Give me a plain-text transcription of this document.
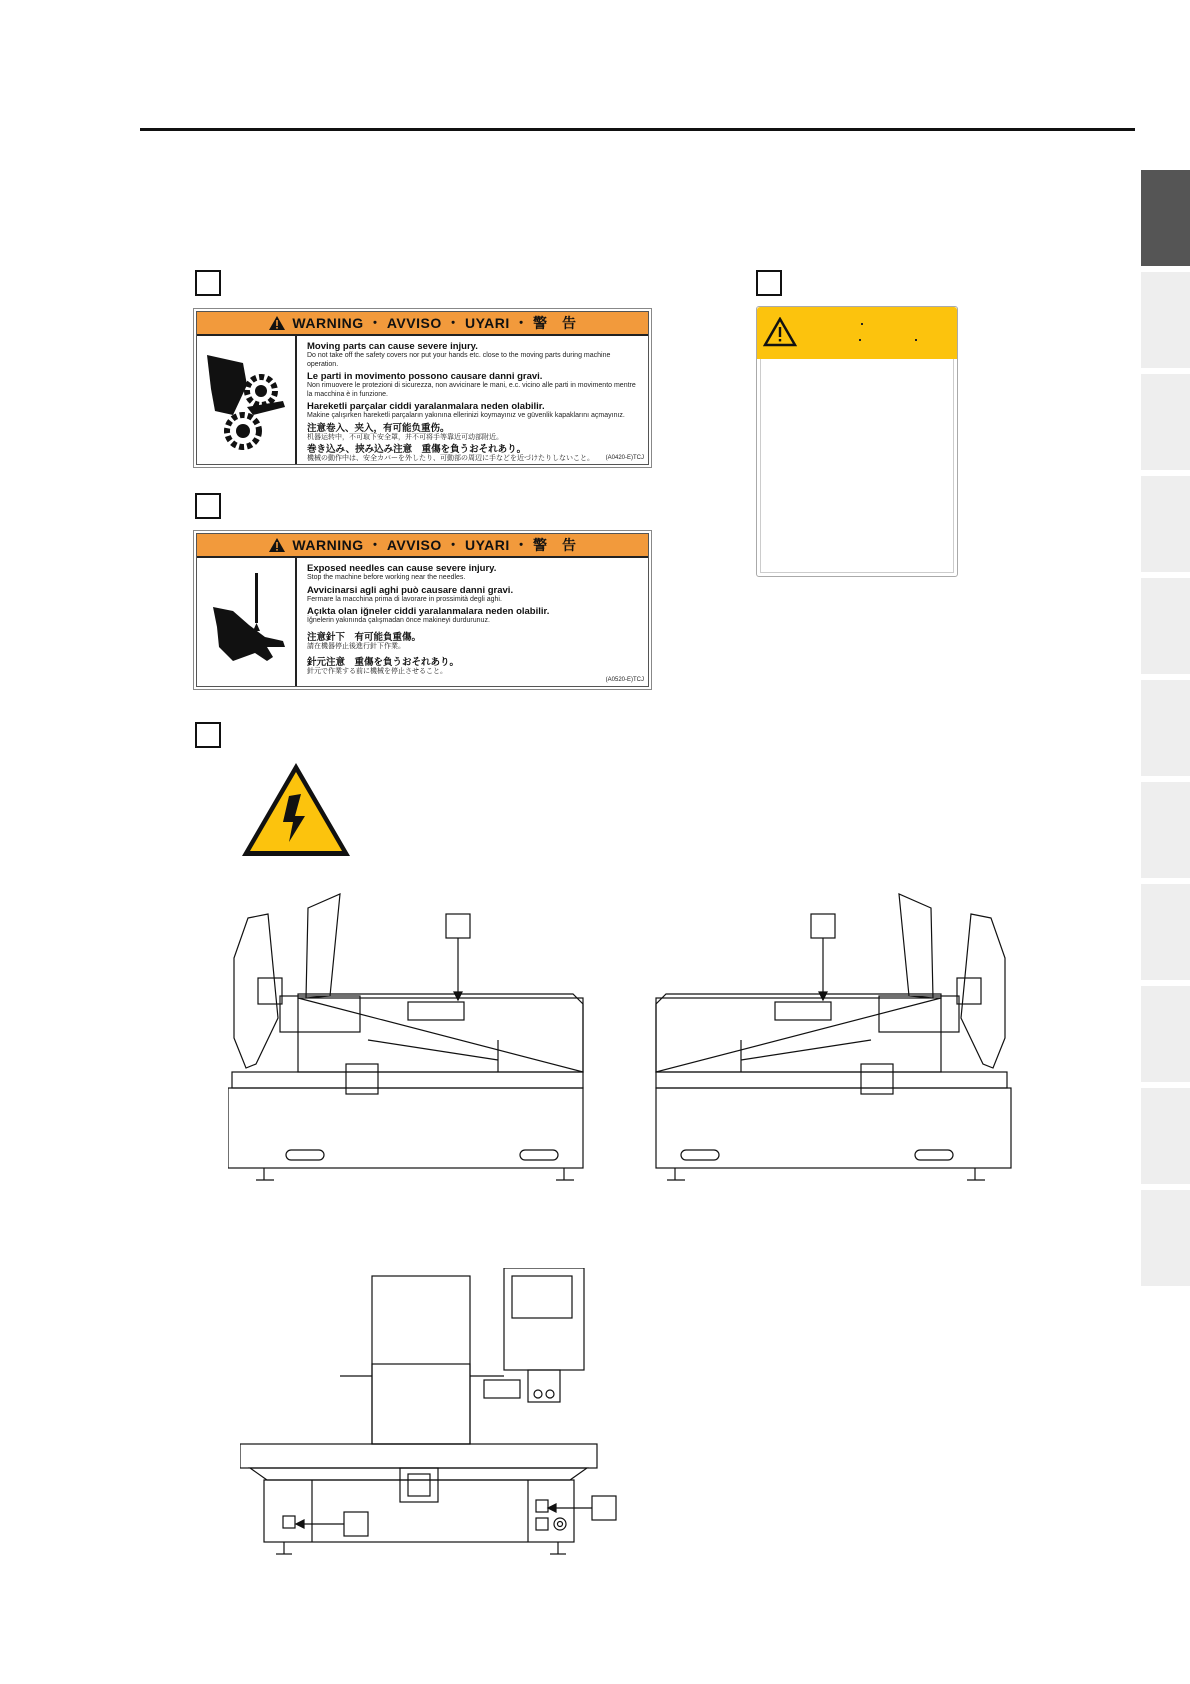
WARNING ・ AVVISO ・ UYARI ・ 警　告
Moving parts can cause severe injury.
Do not take off the safety covers nor put your hands etc. close to the moving parts during machine operation.
Le parti in movimento possono causare danni gravi.
Non rimuovere le protezioni di sicurezza, non avvicinare le mani, e.c. vicino alle parti in movimento mentre la macchina è in funzione.
Hareketli parçalar ciddi yaralanmalara neden olabilir.
Makine çalışırken hareketli parçaların yakınına ellerinizi koymayınız ve güvenlik kapaklarını açmayınız.
注意卷入、夹入，有可能负重伤。
机器运转中，不可取下安全罩，并不可将手等靠近可动部附近。
巻き込み、挟み込み注意　重傷を負うおそれあり。
機械の動作中は、安全カバーを外したり、可動部の周辺に手などを近づけたりしないこと。	(A0420-E)TCJ
WARNING ・ AVVISO ・ UYARI ・ 警　告
Exposed needles can cause severe injury.
Stop the machine before working near the needles.
Avvicinarsi agli aghi può causare danni gravi.
Fermare la macchina prima di lavorare in prossimità degli aghi.
Açıkta olan iğneler ciddi yaralanmalara neden olabilir.
İğnelerin yakınında çalışmadan önce makineyi durdurunuz.
注意針下　有可能負重傷。
請在機器停止後進行針下作業。
針元注意　重傷を負うおそれあり。
針元で作業する前に機械を停止させること。
(A0520-E)TCJ
